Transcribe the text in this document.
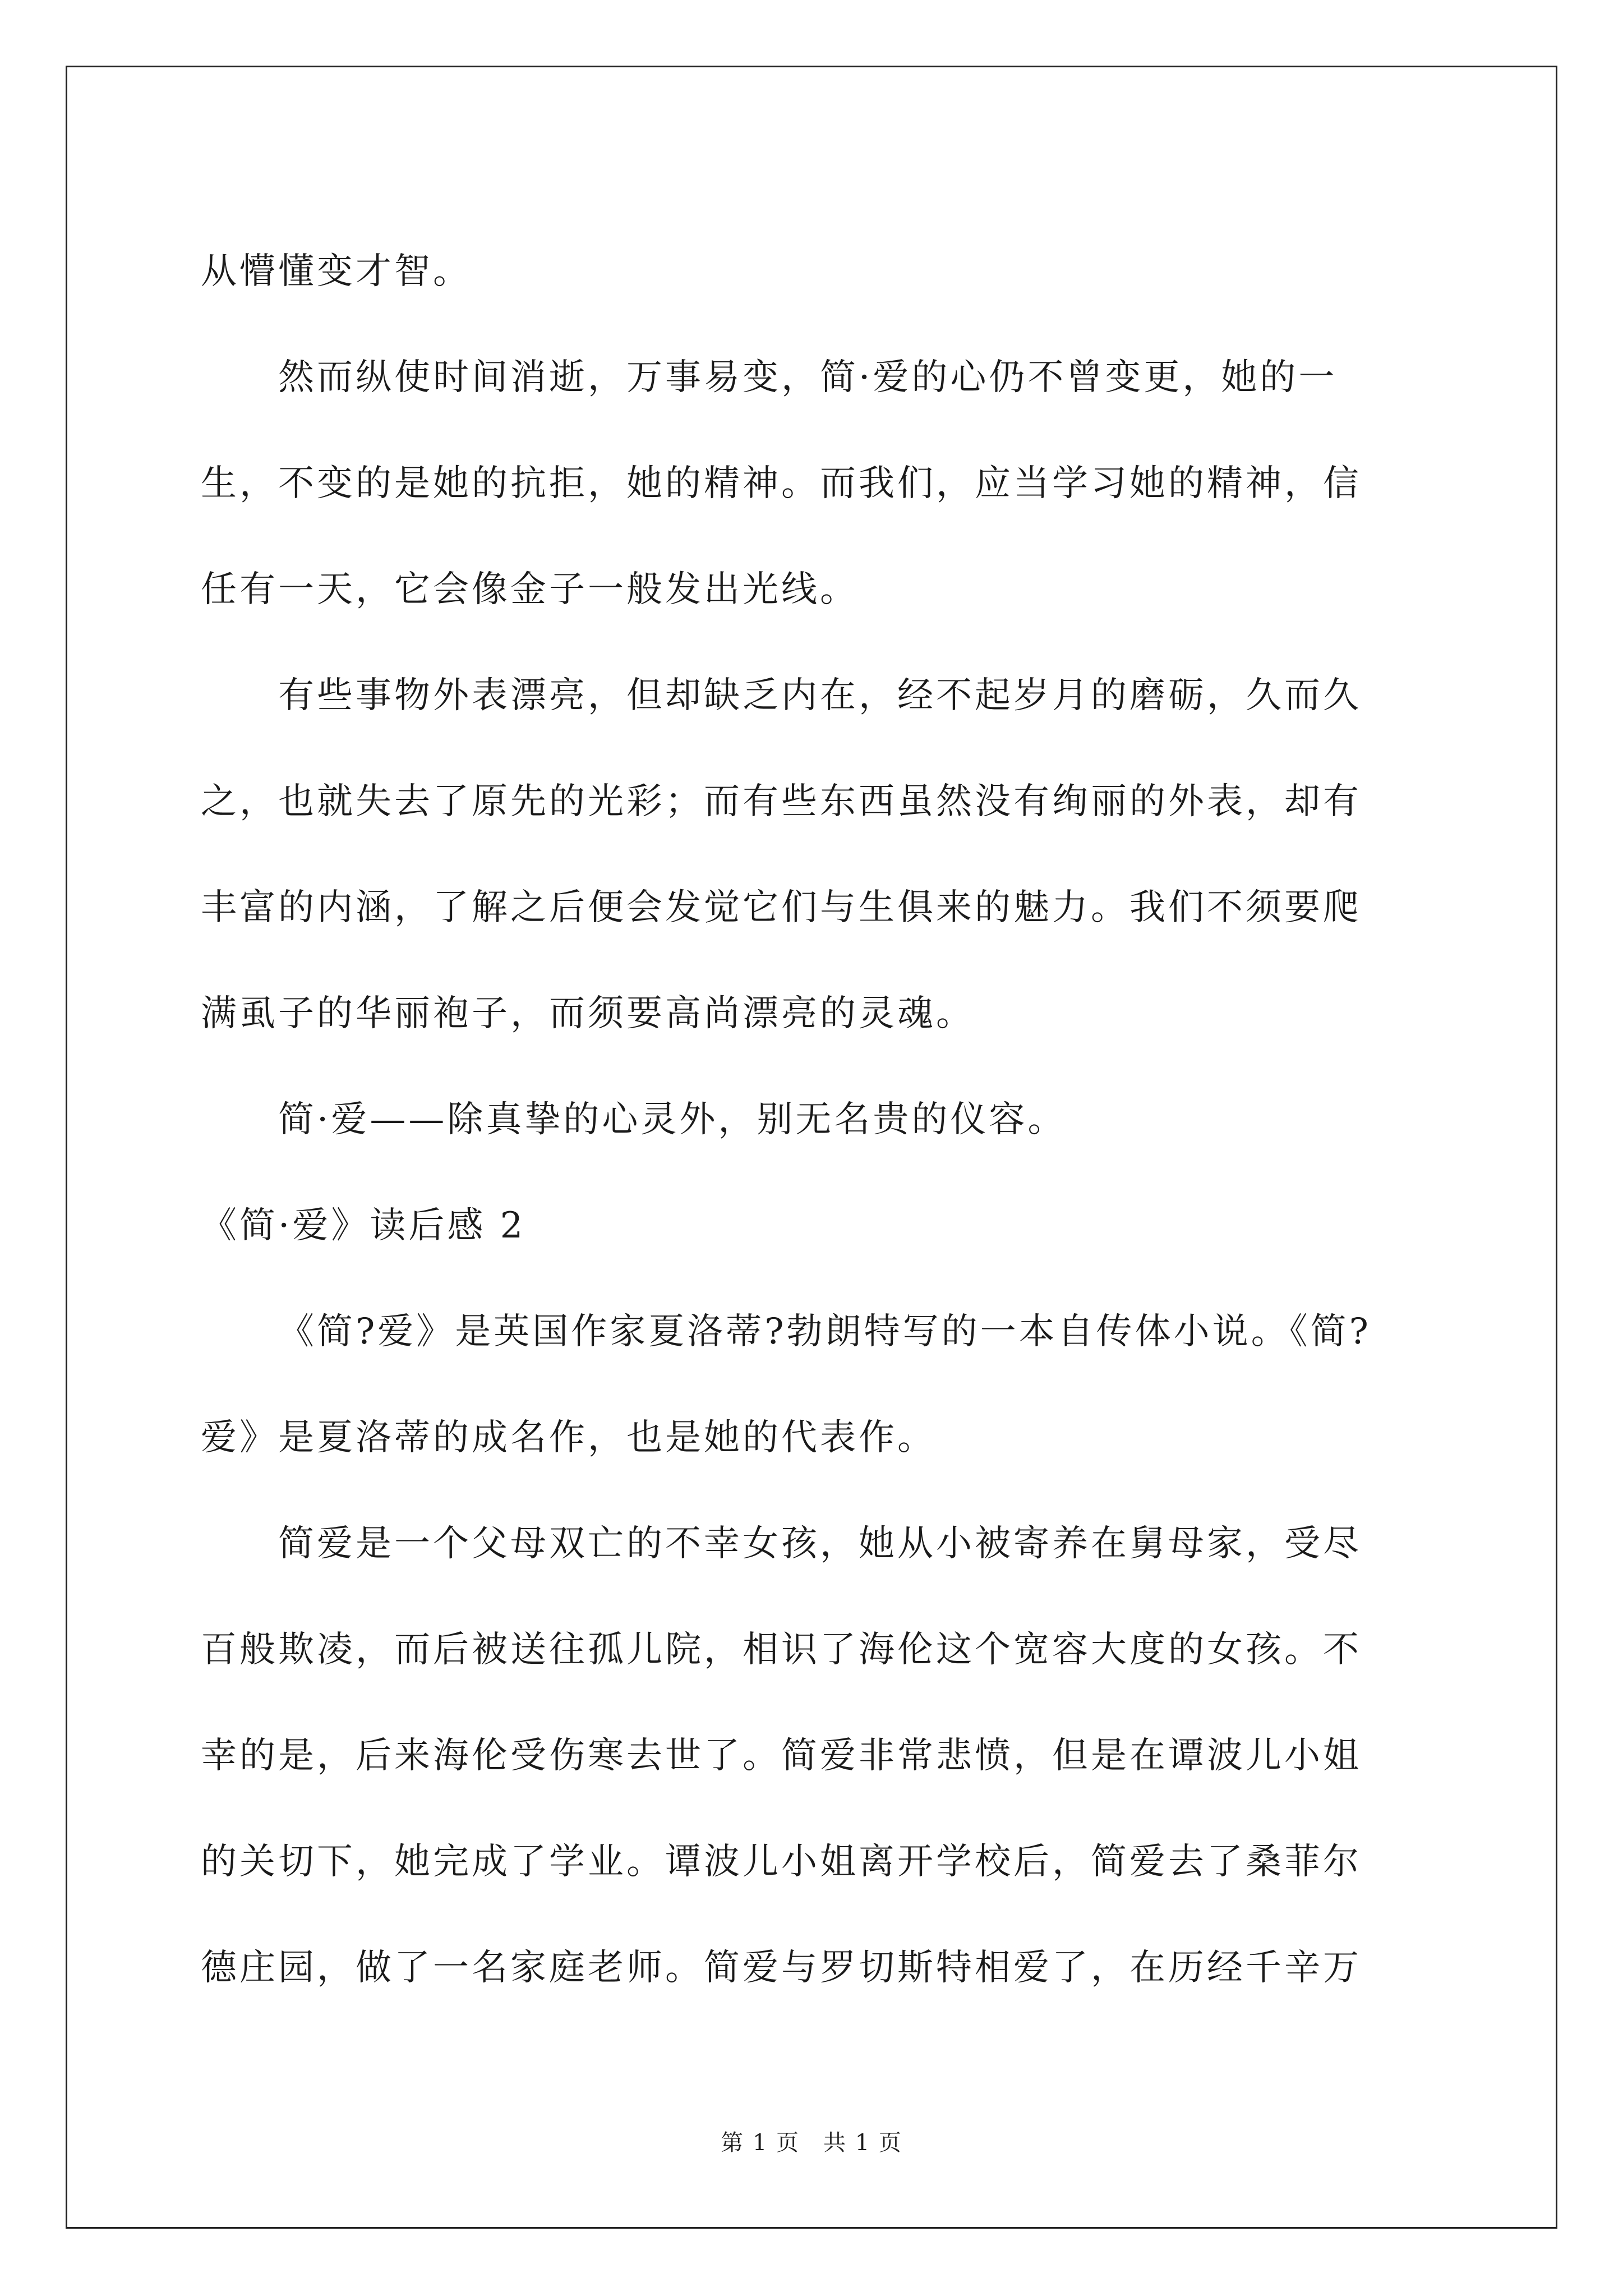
从懵懂变才智。

然而纵使时间消逝，万事易变，简·爱的心仍不曾变更，她的一
生，不变的是她的抗拒，她的精神。而我们，应当学习她的精神，信
任有一天，它会像金子一般发出光线。

有些事物外表漂亮，但却缺乏内在，经不起岁月的磨砺，久而久
之，也就失去了原先的光彩；而有些东西虽然没有绚丽的外表，却有
丰富的内涵，了解之后便会发觉它们与生俱来的魅力。我们不须要爬
满虱子的华丽袍子，而须要高尚漂亮的灵魂。

简·爱——除真挚的心灵外，别无名贵的仪容。

《简·爱》读后感 2

《简?爱》是英国作家夏洛蒂?勃朗特写的一本自传体小说。《简?
爱》是夏洛蒂的成名作，也是她的代表作。

简爱是一个父母双亡的不幸女孩，她从小被寄养在舅母家，受尽
百般欺凌，而后被送往孤儿院，相识了海伦这个宽容大度的女孩。不
幸的是，后来海伦受伤寒去世了。简爱非常悲愤，但是在谭波儿小姐
的关切下，她完成了学业。谭波儿小姐离开学校后，简爱去了桑菲尔
德庄园，做了一名家庭老师。简爱与罗切斯特相爱了，在历经千辛万

第 1 页　共 1 页
